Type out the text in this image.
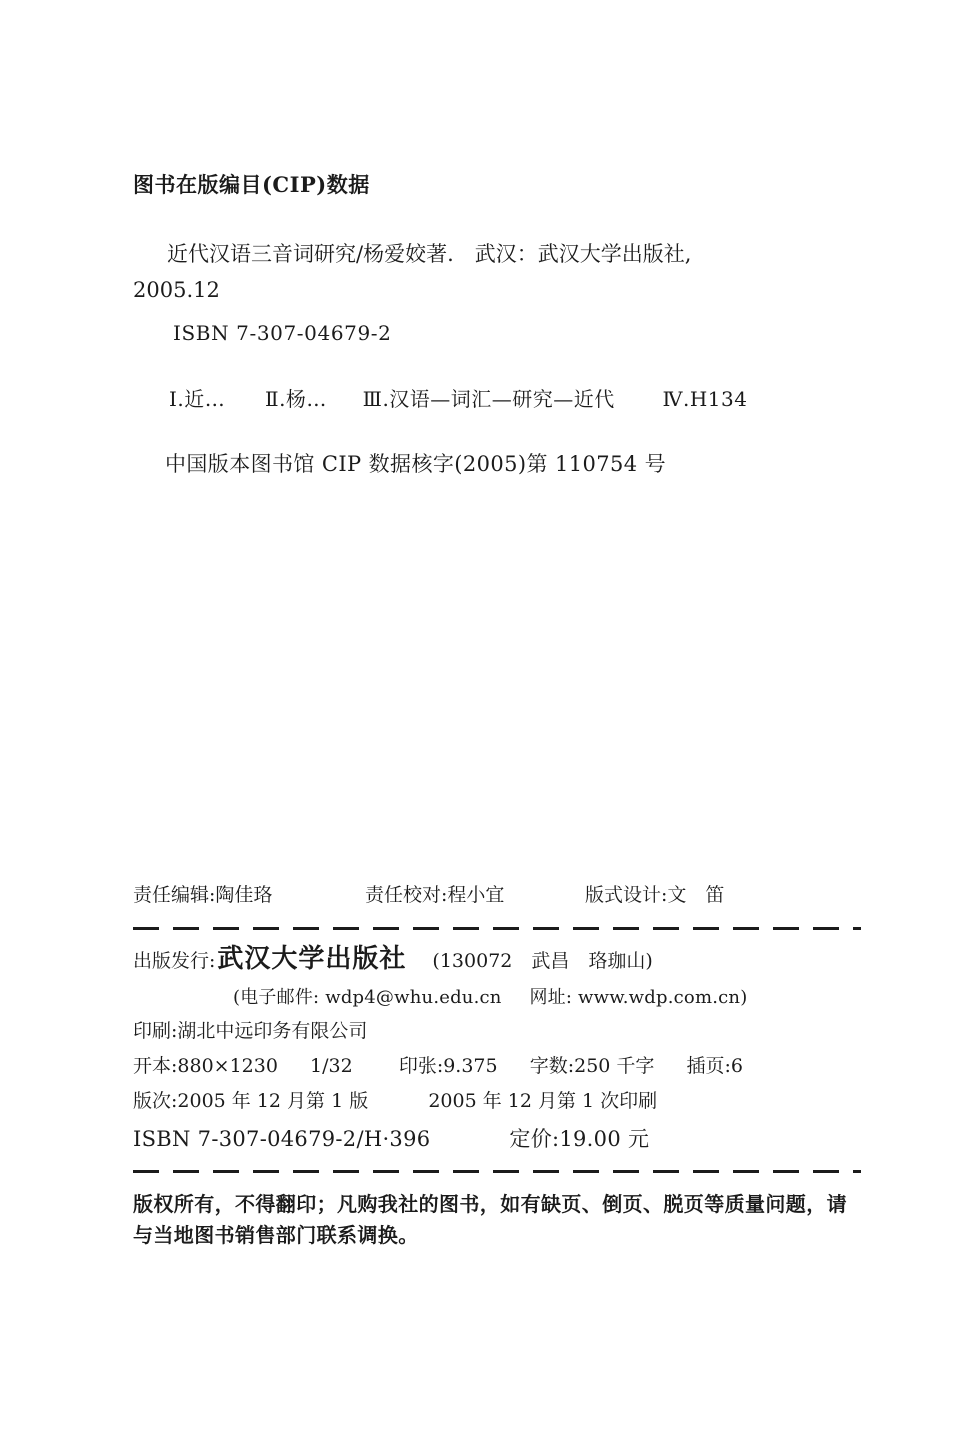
图书在版编目(CIP)数据
近代汉语三音词研究/杨爱姣著.　武汉：武汉大学出版社,
2005.12
ISBN 7-307-04679-2
Ⅰ.近… Ⅱ.杨… Ⅲ.汉语—词汇—研究—近代 Ⅳ.H134
中国版本图书馆 CIP 数据核字(2005)第 110754 号
责任编辑:陶佳珞	责任校对:程小宜	版式设计: 文　笛
出版发行: 武汉大学出版社 (130072　武昌　珞珈山)
(电子邮件: wdp4@whu.edu.cn 网址: www.wdp.com.cn)
印刷:湖北中远印务有限公司
开本:880×1230 1/32 印张:9.375 字数:250 千字 插页:6
版次:2005 年 12 月第 1 版	2005 年 12 月第 1 次印刷
ISBN 7-307-04679-2/H·396	定价:19.00 元
版权所有，不得翻印；凡购我社的图书，如有缺页、倒页、脱页等质量问题，请
与当地图书销售部门联系调换。
